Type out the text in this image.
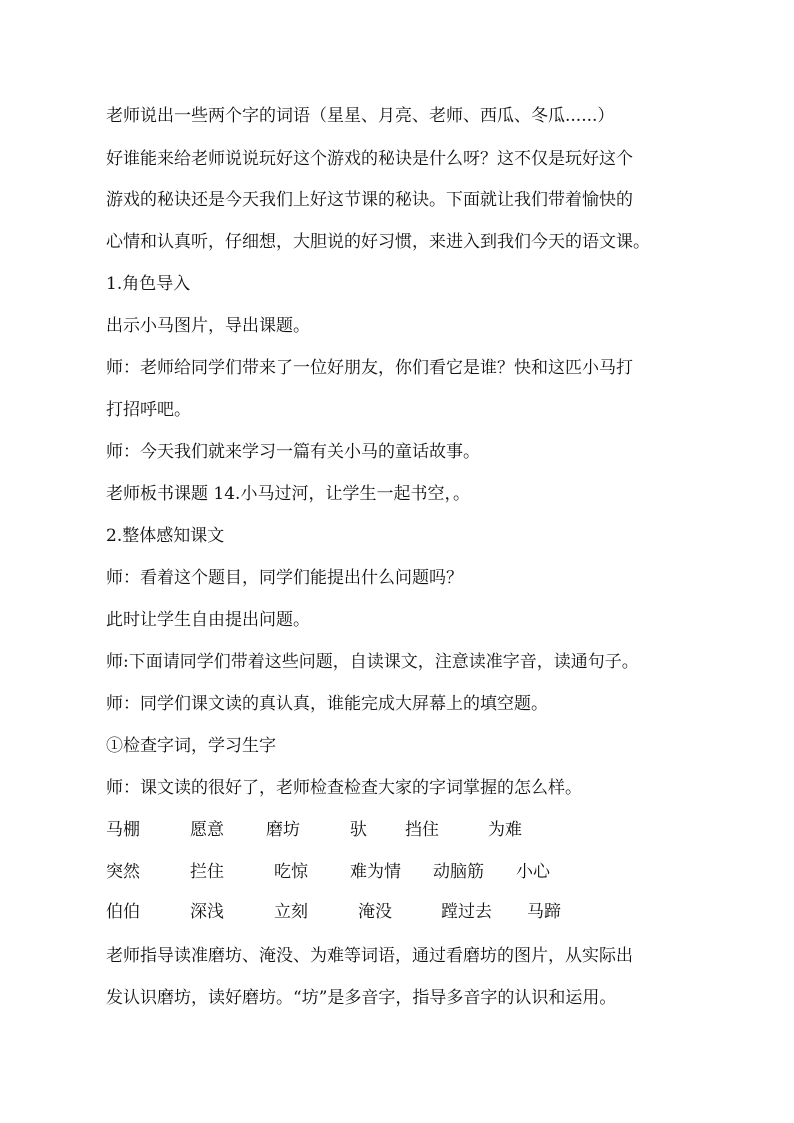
老师说出一些两个字的词语（星星、月亮、老师、西瓜、冬瓜......）
好谁能来给老师说说玩好这个游戏的秘诀是什么呀？这不仅是玩好这个
游戏的秘诀还是今天我们上好这节课的秘诀。下面就让我们带着愉快的
心情和认真听，仔细想，大胆说的好习惯，来进入到我们今天的语文课。
1.角色导入
出示小马图片，导出课题。
师：老师给同学们带来了一位好朋友，你们看它是谁？快和这匹小马打
打招呼吧。
师：今天我们就来学习一篇有关小马的童话故事。
老师板书课题 14.小马过河，让学生一起书空，。
2.整体感知课文
师：看着这个题目，同学们能提出什么问题吗？
此时让学生自由提出问题。
师:下面请同学们带着这些问题，自读课文，注意读准字音，读通句子。
师：同学们课文读的真认真，谁能完成大屏幕上的填空题。
①检查字词，学习生字
师：课文读的很好了，老师检查检查大家的字词掌握的怎么样。
马棚	愿意 磨坊	驮 挡住	为难
突然	拦住	吃惊 难为情 动脑筋 小心
伯伯	深浅	立刻	淹没	蹚过去 马蹄
老师指导读准磨坊、淹没、为难等词语，通过看磨坊的图片，从实际出
发认识磨坊，读好磨坊。“坊”是多音字，指导多音字的认识和运用。
